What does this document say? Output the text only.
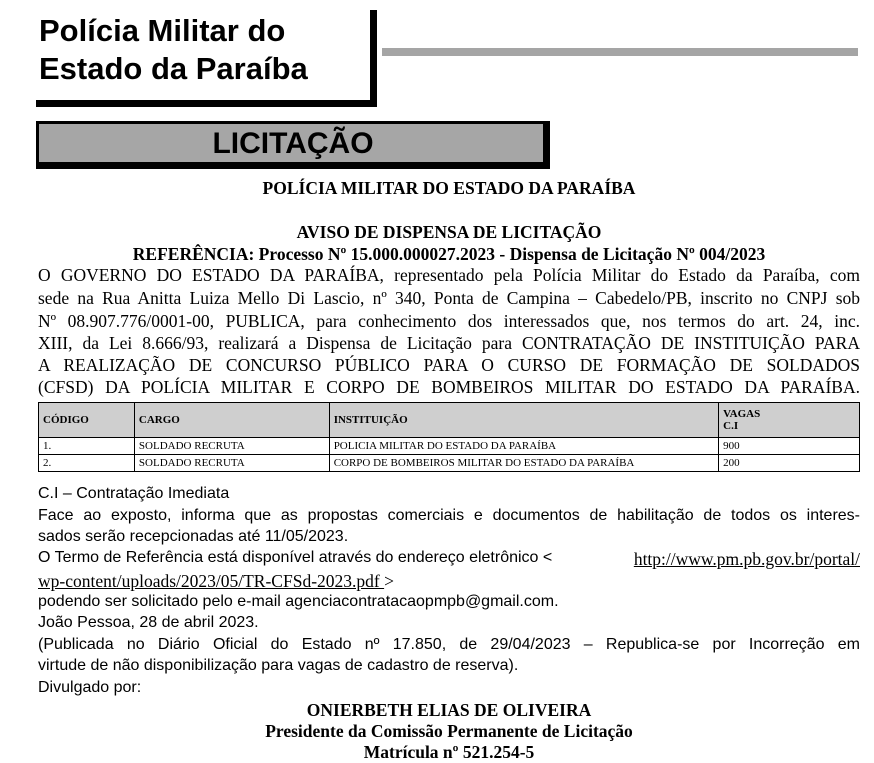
Polícia Militar do
Estado da Paraíba
LICITAÇÃO
POLÍCIA MILITAR DO ESTADO DA PARAÍBA
AVISO DE DISPENSA DE LICITAÇÃO
REFERÊNCIA: Processo Nº 15.000.000027.2023 - Dispensa de Licitação Nº 004/2023
O GOVERNO DO ESTADO DA PARAÍBA, representado pela Polícia Militar do Estado da Paraíba, com
sede na Rua Anitta Luiza Mello Di Lascio, nº 340, Ponta de Campina – Cabedelo/PB, inscrito no CNPJ sob
Nº 08.907.776/0001-00, PUBLICA, para conhecimento dos interessados que, nos termos do art. 24, inc.
XIII, da Lei 8.666/93, realizará a Dispensa de Licitação para CONTRATAÇÃO DE INSTITUIÇÃO PARA
A REALIZAÇÃO DE CONCURSO PÚBLICO PARA O CURSO DE FORMAÇÃO DE SOLDADOS
(CFSD) DA POLÍCIA MILITAR E CORPO DE BOMBEIROS MILITAR DO ESTADO DA PARAÍBA.
CÓDIGO	CARGO	INSTITUIÇÃO	VAGAS
C.I

1.	SOLDADO RECRUTA	POLICIA MILITAR DO ESTADO DA PARAÍBA	900
2.	SOLDADO RECRUTA	CORPO DE BOMBEIROS MILITAR DO ESTADO DA PARAÍBA	200
C.I – Contratação Imediata
Face ao exposto, informa que as propostas comerciais e documentos de habilitação de todos os interes-
sados serão recepcionadas até 11/05/2023.
O Termo de Referência está disponível através do endereço eletrônico <	http://www.pm.pb.gov.br/portal/
wp-content/uploads/2023/05/TR-CFSd-2023.pdf >
podendo ser solicitado pelo e-mail agenciacontratacaopmpb@gmail.com.
João Pessoa, 28 de abril 2023.
(Publicada no Diário Oficial do Estado nº 17.850, de 29/04/2023 – Republica-se por Incorreção em
virtude de não disponibilização para vagas de cadastro de reserva).
Divulgado por:
ONIERBETH ELIAS DE OLIVEIRA
Presidente da Comissão Permanente de Licitação
Matrícula nº 521.254-5
